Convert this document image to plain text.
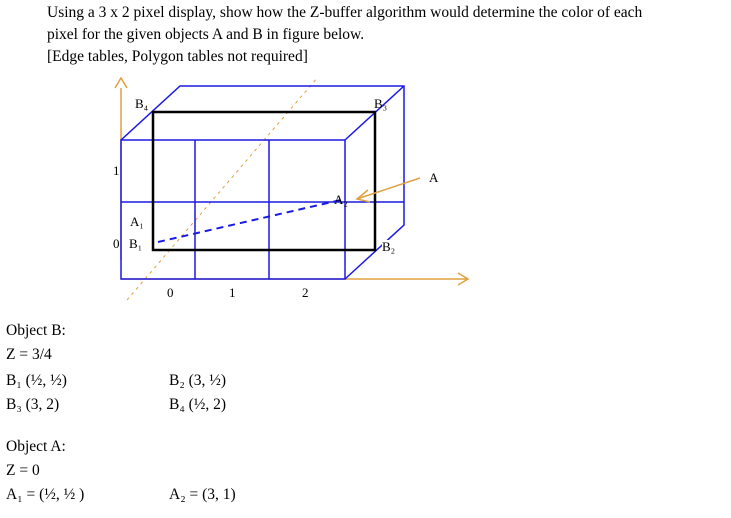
Using a 3 x 2 pixel display, show how the Z-buffer algorithm would determine the color of each
pixel for the given objects A and B in figure below.
[Edge tables, Polygon tables not required]
B₄	B₃
B₂
B₁
A₁
A₂
A
1
0
0	1	2
Object B:
Z = 3/4
B₁ (½, ½)	B₂ (3, ½)
B₃ (3, 2)	B₄ (½, 2)
Object A:
Z = 0
A₁ = (½, ½ )	A₂ = (3, 1)
